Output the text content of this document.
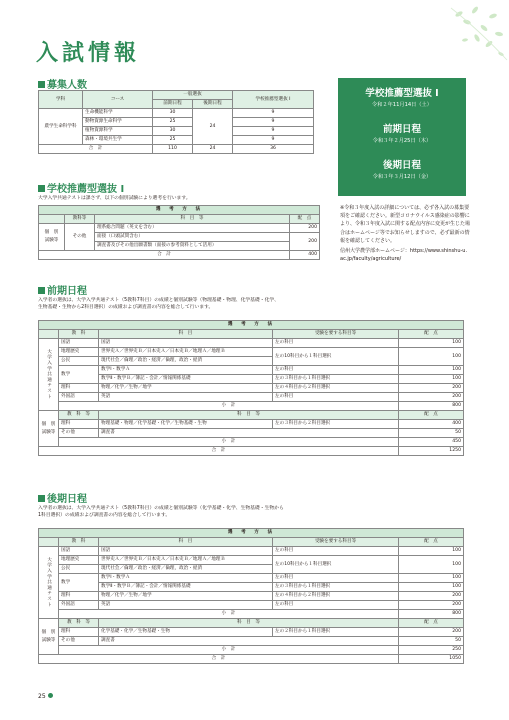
入試情報
募集人数
学科	コース	一般選抜		学校推薦型選抜 I
		前期日程	後期日程	
農学生命科学科	生命機能科学	30	24	9
	動物資源生命科学	25		9
	植物資源科学	30		9
	森林・環境共生学	25		9
合　計		110	24	36
学校推薦型選抜 I
令和２年11月14日（土）
前期日程
令和３年２月25日（木）
後期日程
令和３年３月12日（金）
※令和３年度入試の詳細については、必ず各入試の募集要項をご確認ください。新型コロナウイルス感染症の影響により、令和３年度入試に関する配点内容に変更が生じた場合はホームページ等でお知らせしますので、必ず最新の情報を確認してください。
信州大学農学部ホームページ：https://www.shinshu-u.ac.jp/faculty/agriculture/
学校推薦型選抜 I
大学入学共通テストは課さず、以下の個別試験により選考を行います。
選　考　方　法			
	教科等	科　目　等	配　点
個　別　試験等	その他	理系総合問題（英文を含む）	200
		面接（口頭試問含む）	200
		調査書及びその他出願書類（面接の参考資料として活用）	
合　計			400
前期日程
入学者の選抜は、大学入学共通テスト（5教科7科目）の成績と個別試験等（物理基礎・物理、化学基礎・化学、
生物基礎・生物から2科目選択）の成績および調査書の内容を総合して行います。
選　考　方　法				
	教　科	科　目	受験を要する科目等	配　点
大学入学共通テスト	国語	国語	左の科目	100
	地理歴史	世界史Ａ／世界史Ｂ／日本史Ａ／日本史Ｂ／地理Ａ／地理Ｂ	左の10科目から１科目選択	100
	公民	現代社会／倫理／政治・経済／倫理，政治・経済		
	数学	数学Ⅰ・数学Ａ	左の科目	100
		数学Ⅱ・数学Ｂ／簿記・会計／情報関係基礎	左の３科目から１科目選択	100
	理科	物理／化学／生物／地学	左の４科目から２科目選択	200
	外国語	英語	左の科目	200
	小　計			800
個　別　試験等	教　科　等	科　目　等		配　点
	理科	物理基礎・物理／化学基礎・化学／生物基礎・生物	左の３科目から２科目選択	400
	その他	調査書		50
	小　計			450
合　計				1250
後期日程
入学者の選抜は、大学入学共通テスト（5教科7科目）の成績と個別試験等（化学基礎・化学、生物基礎・生物から
1科目選択）の成績および調査書の内容を総合して行います。
選　考　方　法				
	教　科	科　目	受験を要する科目等	配　点
大学入学共通テスト	国語	国語	左の科目	100
	地理歴史	世界史Ａ／世界史Ｂ／日本史Ａ／日本史Ｂ／地理Ａ／地理Ｂ	左の10科目から１科目選択	100
	公民	現代社会／倫理／政治・経済／倫理，政治・経済		
	数学	数学Ⅰ・数学Ａ	左の科目	100
		数学Ⅱ・数学Ｂ／簿記・会計／情報関係基礎	左の３科目から１科目選択	100
	理科	物理／化学／生物／地学	左の４科目から２科目選択	200
	外国語	英語	左の科目	200
	小　計			800
個　別　試験等	教　科　等	科　目　等		配　点
	理科	化学基礎・化学／生物基礎・生物	左の２科目から１科目選択	200
	その他	調査書		50
	小　計			250
合　計				1050
25
